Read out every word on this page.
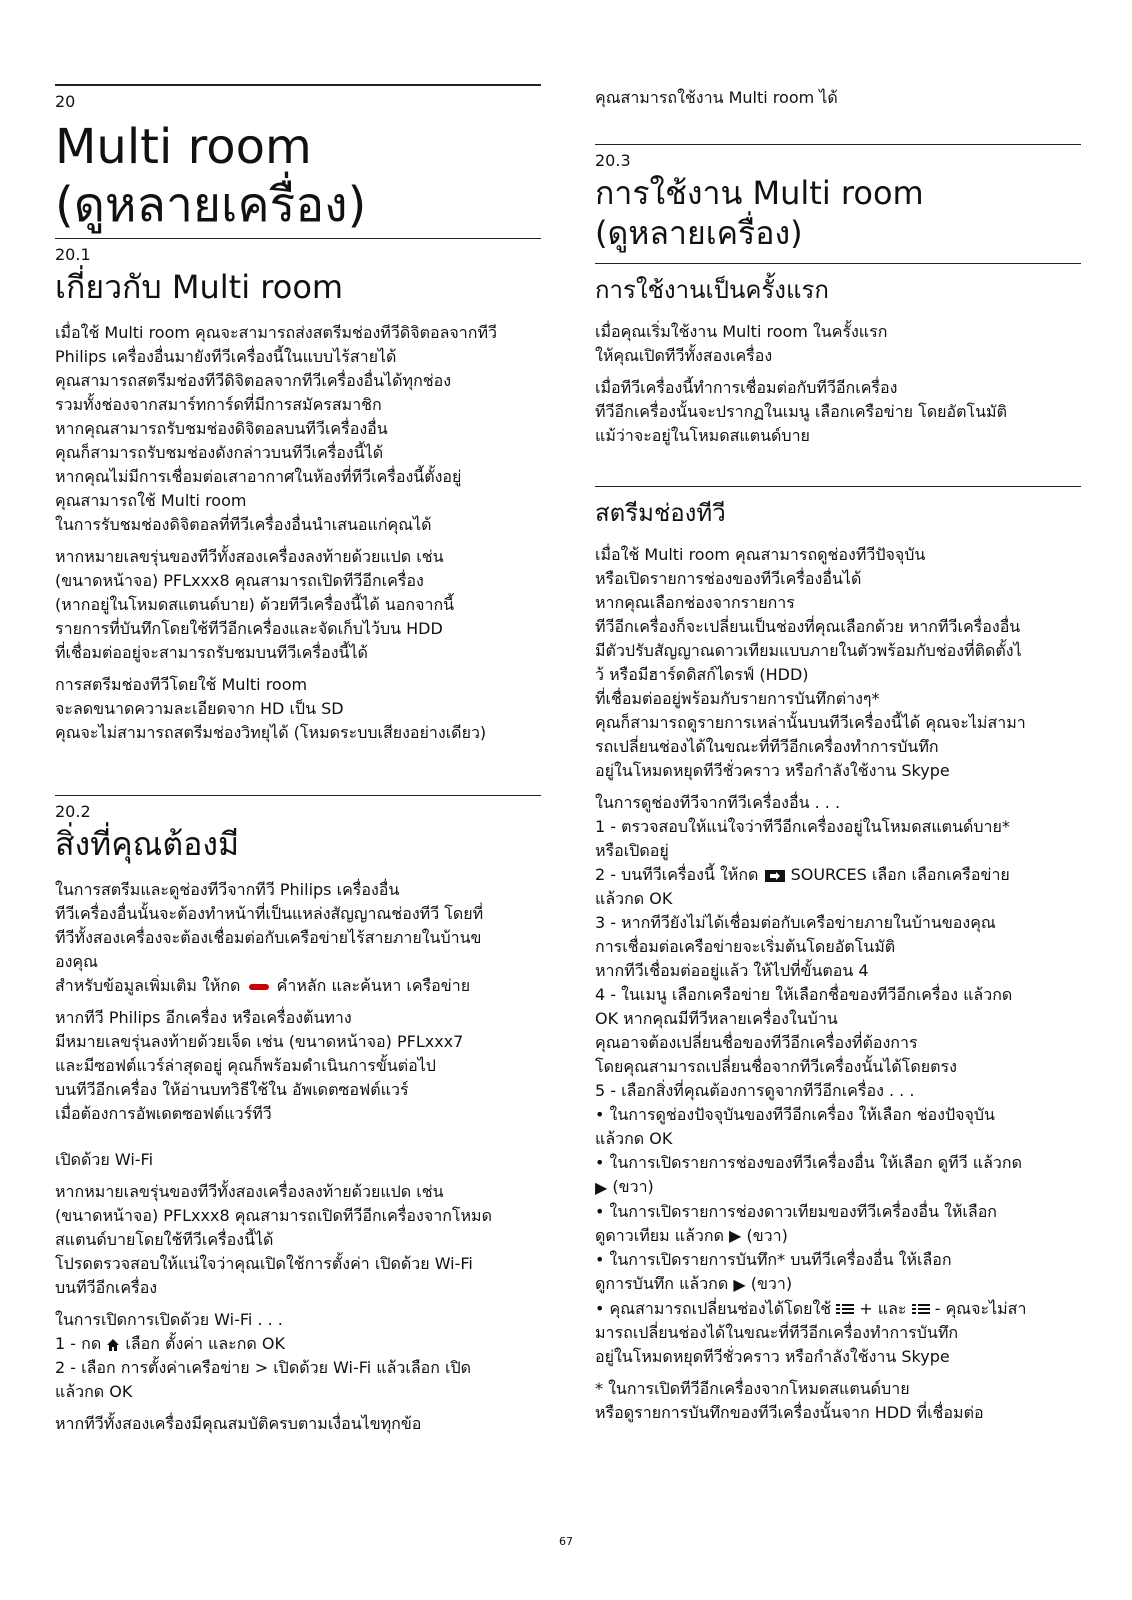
20
Multi room
(ดูหลายเครื่อง)
20.1
เกี่ยวกับ Multi room

เมื่อใช้ Multi room คุณจะสามารถส่งสตรีมช่องทีวีดิจิตอลจากทีวี
Philips เครื่องอื่นมายังทีวีเครื่องนี้ในแบบไร้สายได้
คุณสามารถสตรีมช่องทีวีดิจิตอลจากทีวีเครื่องอื่นได้ทุกช่อง
รวมทั้งช่องจากสมาร์ทการ์ดที่มีการสมัครสมาชิก
หากคุณสามารถรับชมช่องดิจิตอลบนทีวีเครื่องอื่น
คุณก็สามารถรับชมช่องดังกล่าวบนทีวีเครื่องนี้ได้
หากคุณไม่มีการเชื่อมต่อเสาอากาศในห้องที่ทีวีเครื่องนี้ตั้งอยู่
คุณสามารถใช้ Multi room
ในการรับชมช่องดิจิตอลที่ทีวีเครื่องอื่นนำเสนอแก่คุณได้

หากหมายเลขรุ่นของทีวีทั้งสองเครื่องลงท้ายด้วยแปด เช่น
(ขนาดหน้าจอ) PFLxxx8 คุณสามารถเปิดทีวีอีกเครื่อง
(หากอยู่ในโหมดสแตนด์บาย) ด้วยทีวีเครื่องนี้ได้ นอกจากนี้
รายการที่บันทึกโดยใช้ทีวีอีกเครื่องและจัดเก็บไว้บน HDD
ที่เชื่อมต่ออยู่จะสามารถรับชมบนทีวีเครื่องนี้ได้

การสตรีมช่องทีวีโดยใช้ Multi room
จะลดขนาดความละเอียดจาก HD เป็น SD
คุณจะไม่สามารถสตรีมช่องวิทยุได้ (โหมดระบบเสียงอย่างเดียว)

20.2
สิ่งที่คุณต้องมี

ในการสตรีมและดูช่องทีวีจากทีวี Philips เครื่องอื่น
ทีวีเครื่องอื่นนั้นจะต้องทำหน้าที่เป็นแหล่งสัญญาณช่องทีวี โดยที่
ทีวีทั้งสองเครื่องจะต้องเชื่อมต่อกับเครือข่ายไร้สายภายในบ้านข
องคุณ
สำหรับข้อมูลเพิ่มเติม ให้กด คำหลัก และค้นหา เครือข่าย

หากทีวี Philips อีกเครื่อง หรือเครื่องต้นทาง
มีหมายเลขรุ่นลงท้ายด้วยเจ็ด เช่น (ขนาดหน้าจอ) PFLxxx7
และมีซอฟต์แวร์ล่าสุดอยู่ คุณก็พร้อมดำเนินการขั้นต่อไป
บนทีวีอีกเครื่อง ให้อ่านบทวิธีใช้ใน อัพเดตซอฟต์แวร์
เมื่อต้องการอัพเดตซอฟต์แวร์ทีวี

เปิดด้วย Wi-Fi

หากหมายเลขรุ่นของทีวีทั้งสองเครื่องลงท้ายด้วยแปด เช่น
(ขนาดหน้าจอ) PFLxxx8 คุณสามารถเปิดทีวีอีกเครื่องจากโหมด
สแตนด์บายโดยใช้ทีวีเครื่องนี้ได้
โปรดตรวจสอบให้แน่ใจว่าคุณเปิดใช้การตั้งค่า เปิดด้วย Wi-Fi
บนทีวีอีกเครื่อง

ในการเปิดการเปิดด้วย Wi-Fi . . .
1 - กด เลือก ตั้งค่า และกด OK
2 - เลือก การตั้งค่าเครือข่าย > เปิดด้วย Wi-Fi แล้วเลือก เปิด
แล้วกด OK

หากทีวีทั้งสองเครื่องมีคุณสมบัติครบตามเงื่อนไขทุกข้อ

คุณสามารถใช้งาน Multi room ได้

20.3
การใช้งาน Multi room
(ดูหลายเครื่อง)
การใช้งานเป็นครั้งแรก

เมื่อคุณเริ่มใช้งาน Multi room ในครั้งแรก
ให้คุณเปิดทีวีทั้งสองเครื่อง

เมื่อทีวีเครื่องนี้ทำการเชื่อมต่อกับทีวีอีกเครื่อง
ทีวีอีกเครื่องนั้นจะปรากฏในเมนู เลือกเครือข่าย โดยอัตโนมัติ
แม้ว่าจะอยู่ในโหมดสแตนด์บาย

สตรีมช่องทีวี

เมื่อใช้ Multi room คุณสามารถดูช่องทีวีปัจจุบัน
หรือเปิดรายการช่องของทีวีเครื่องอื่นได้
หากคุณเลือกช่องจากรายการ
ทีวีอีกเครื่องก็จะเปลี่ยนเป็นช่องที่คุณเลือกด้วย หากทีวีเครื่องอื่น
มีตัวปรับสัญญาณดาวเทียมแบบภายในตัวพร้อมกับช่องที่ติดตั้งไ
ว้ หรือมีฮาร์ดดิสก์ไดรฟ์ (HDD)
ที่เชื่อมต่ออยู่พร้อมกับรายการบันทึกต่างๆ*
คุณก็สามารถดูรายการเหล่านั้นบนทีวีเครื่องนี้ได้ คุณจะไม่สามา
รถเปลี่ยนช่องได้ในขณะที่ทีวีอีกเครื่องทำการบันทึก
อยู่ในโหมดหยุดทีวีชั่วคราว หรือกำลังใช้งาน Skype

ในการดูช่องทีวีจากทีวีเครื่องอื่น . . .
1 - ตรวจสอบให้แน่ใจว่าทีวีอีกเครื่องอยู่ในโหมดสแตนด์บาย*
หรือเปิดอยู่
2 - บนทีวีเครื่องนี้ ให้กด SOURCES เลือก เลือกเครือข่าย
แล้วกด OK
3 - หากทีวียังไม่ได้เชื่อมต่อกับเครือข่ายภายในบ้านของคุณ
การเชื่อมต่อเครือข่ายจะเริ่มต้นโดยอัตโนมัติ
หากทีวีเชื่อมต่ออยู่แล้ว ให้ไปที่ขั้นตอน 4
4 - ในเมนู เลือกเครือข่าย ให้เลือกชื่อของทีวีอีกเครื่อง แล้วกด
OK หากคุณมีทีวีหลายเครื่องในบ้าน
คุณอาจต้องเปลี่ยนชื่อของทีวีอีกเครื่องที่ต้องการ
โดยคุณสามารถเปลี่ยนชื่อจากทีวีเครื่องนั้นได้โดยตรง
5 - เลือกสิ่งที่คุณต้องการดูจากทีวีอีกเครื่อง . . .
• ในการดูช่องปัจจุบันของทีวีอีกเครื่อง ให้เลือก ช่องปัจจุบัน
แล้วกด OK
• ในการเปิดรายการช่องของทีวีเครื่องอื่น ให้เลือก ดูทีวี แล้วกด
▶ (ขวา)
• ในการเปิดรายการช่องดาวเทียมของทีวีเครื่องอื่น ให้เลือก
ดูดาวเทียม แล้วกด ▶ (ขวา)
• ในการเปิดรายการบันทึก* บนทีวีเครื่องอื่น ให้เลือก
ดูการบันทึก แล้วกด ▶ (ขวา)
• คุณสามารถเปลี่ยนช่องได้โดยใช้ + และ - คุณจะไม่สา
มารถเปลี่ยนช่องได้ในขณะที่ทีวีอีกเครื่องทำการบันทึก
อยู่ในโหมดหยุดทีวีชั่วคราว หรือกำลังใช้งาน Skype

* ในการเปิดทีวีอีกเครื่องจากโหมดสแตนด์บาย
หรือดูรายการบันทึกของทีวีเครื่องนั้นจาก HDD ที่เชื่อมต่อ

67
